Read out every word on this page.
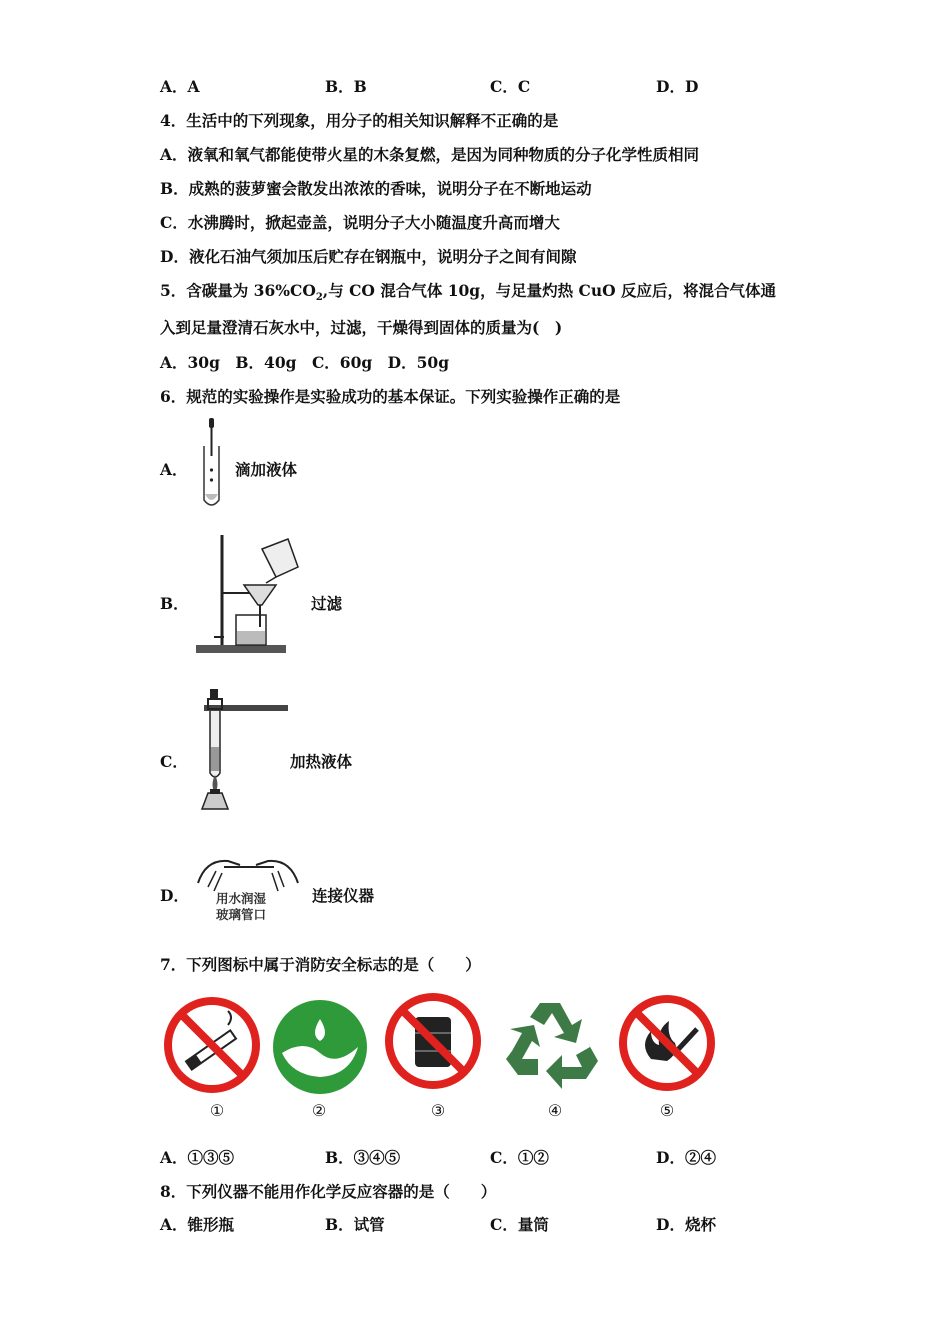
A．A	B．B	C．C	D．D
4．生活中的下列现象，用分子的相关知识解释不正确的是
A．液氧和氧气都能使带火星的木条复燃，是因为同种物质的分子化学性质相同
B．成熟的菠萝蜜会散发出浓浓的香味，说明分子在不断地运动
C．水沸腾时，掀起壶盖，说明分子大小随温度升高而增大
D．液化石油气须加压后贮存在钢瓶中，说明分子之间有间隙
5．含碳量为 $36\%CO_2$,与 CO 混合气体 10g，与足量灼热 CuO 反应后，将混合气体通
入到足量澄清石灰水中，过滤，干燥得到固体的质量为(　)
A．30g　B．40g　C．60g　D．50g
6．规范的实验操作是实验成功的基本保证。下列实验操作正确的是
A．	滴加液体
B．	过滤
C．	加热液体
D． 用水润湿
玻璃管口
连接仪器
7．下列图标中属于消防安全标志的是（　　）
①	②	③	④	⑤
A．①③⑤	B．③④⑤	C．①②	D．②④
8．下列仪器不能用作化学反应容器的是（　　）
A．锥形瓶	B．试管	C．量筒	D．烧杯
